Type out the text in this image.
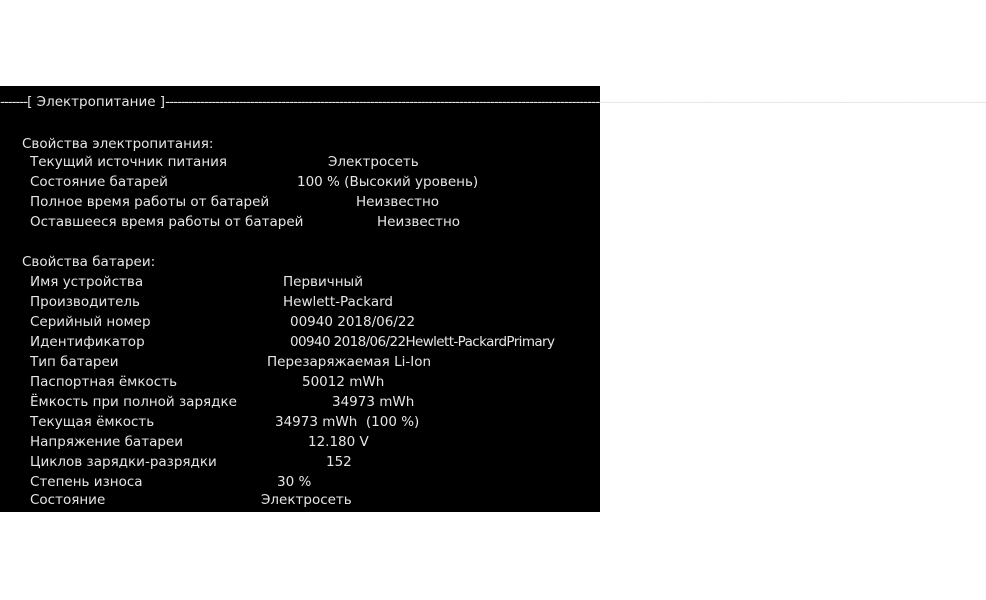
-------[ Электропитание ]--------------------------------------------------------------------------------------------------------------------------------------------------------------------------------------------------------------------
Свойства электропитания:
Текущий источник питания	Электросеть
Состояние батарей	100 % (Высокий уровень)
Полное время работы от батарей	Неизвестно
Оставшееся время работы от батарей	Неизвестно
Свойства батареи:
Имя устройства	Первичный
Производитель	Hewlett-Packard
Серийный номер	00940 2018/06/22
Идентификатор	00940 2018/06/22Hewlett-PackardPrimary
Тип батареи	Перезаряжаемая Li-Ion
Паспортная ёмкость	50012 mWh
Ёмкость при полной зарядке	34973 mWh
Текущая ёмкость	34973 mWh  (100 %)
Напряжение батареи	12.180 V
Циклов зарядки-разрядки	152
Степень износа	30 %
Состояние	Электросеть
